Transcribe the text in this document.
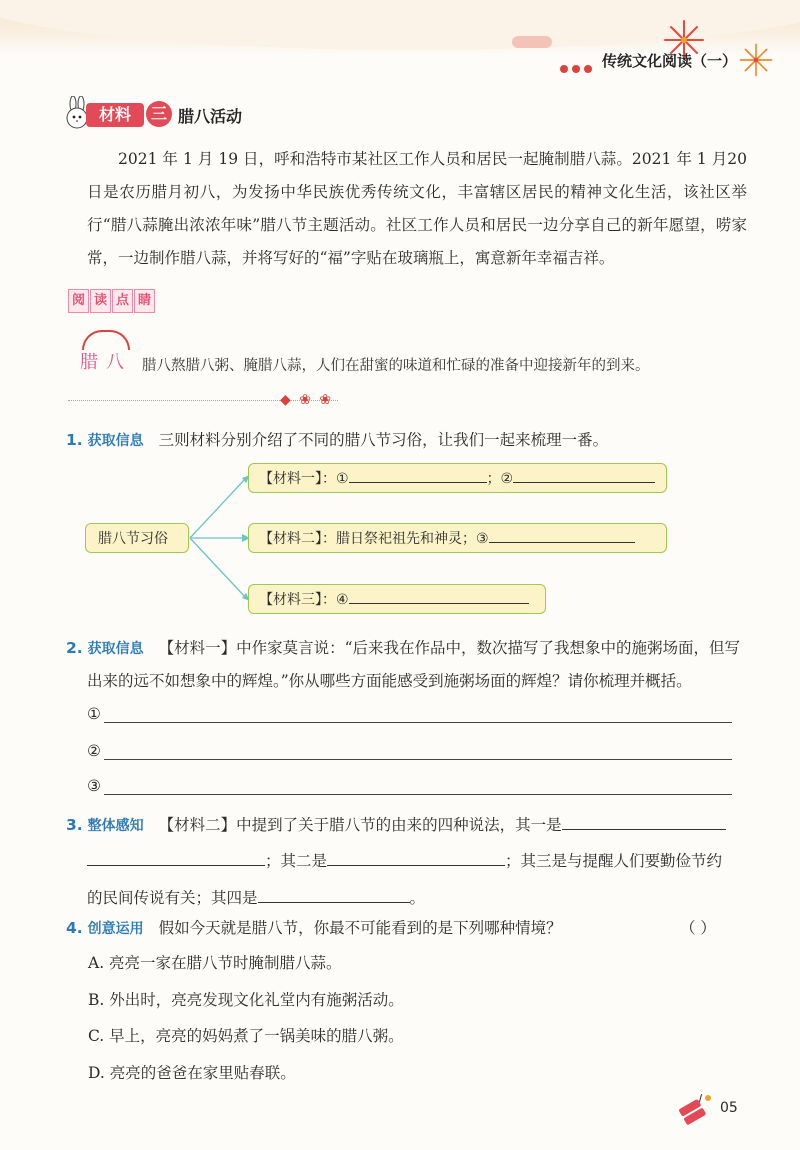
传统文化阅读（一）
材料	三 腊八活动

2021 年 1 月 19 日，呼和浩特市某社区工作人员和居民一起腌制腊八蒜。2021 年 1 月20 日是农历腊月初八，为发扬中华民族优秀传统文化，丰富辖区居民的精神文化生活，该社区举行“腊八蒜腌出浓浓年味”腊八节主题活动。社区工作人员和居民一边分享自己的新年愿望，唠家常，一边制作腊八蒜，并将写好的“福”字贴在玻璃瓶上，寓意新年幸福吉祥。

阅 读 点 睛
腊八 腊八熬腊八粥、腌腊八蒜，人们在甜蜜的味道和忙碌的准备中迎接新年的到来。
◆ ❀ ❀
1. 获取信息 三则材料分别介绍了不同的腊八节习俗，让我们一起来梳理一番。
腊八节习俗
【材料一】：①	；②
【材料二】：腊日祭祀祖先和神灵；③
【材料三】：④
2. 获取信息 【材料一】中作家莫言说：“后来我在作品中，数次描写了我想象中的施粥场面，但写
出来的远不如想象中的辉煌。”你从哪些方面能感受到施粥场面的辉煌？请你梳理并概括。
①
②
③
3. 整体感知 【材料二】中提到了关于腊八节的由来的四种说法，其一是
；其二是	；其三是与提醒人们要勤俭节约
的民间传说有关；其四是	。
4. 创意运用 假如今天就是腊八节，你最不可能看到的是下列哪种情境？	（ ）
A. 亮亮一家在腊八节时腌制腊八蒜。
B. 外出时，亮亮发现文化礼堂内有施粥活动。
C. 早上，亮亮的妈妈煮了一锅美味的腊八粥。
D. 亮亮的爸爸在家里贴春联。
05
